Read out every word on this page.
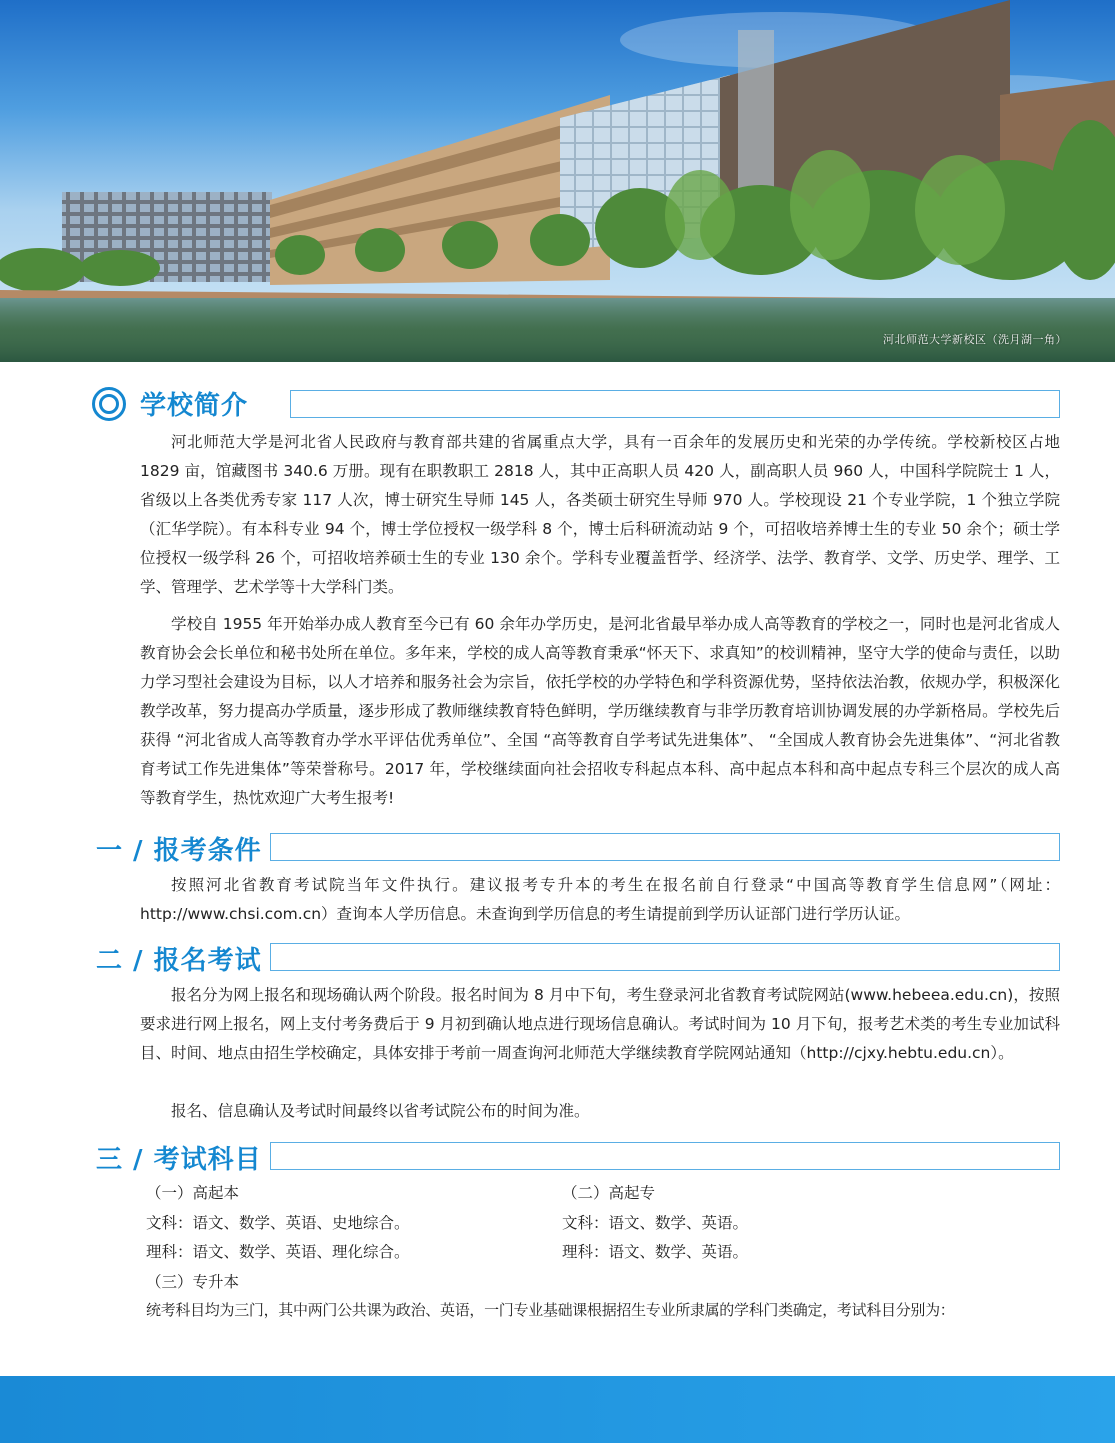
河北师范大学新校区（洗月湖一角）
学校简介

河北师范大学是河北省人民政府与教育部共建的省属重点大学，具有一百余年的发展历史和光荣的办学传统。学校新校区占地 1829 亩，馆藏图书 340.6 万册。现有在职教职工 2818 人，其中正高职人员 420 人，副高职人员 960 人，中国科学院院士 1 人，省级以上各类优秀专家 117 人次，博士研究生导师 145 人，各类硕士研究生导师 970 人。学校现设 21 个专业学院，1 个独立学院（汇华学院）。有本科专业 94 个，博士学位授权一级学科 8 个，博士后科研流动站 9 个，可招收培养博士生的专业 50 余个；硕士学位授权一级学科 26 个，可招收培养硕士生的专业 130 余个。学科专业覆盖哲学、经济学、法学、教育学、文学、历史学、理学、工学、管理学、艺术学等十大学科门类。

学校自 1955 年开始举办成人教育至今已有 60 余年办学历史，是河北省最早举办成人高等教育的学校之一，同时也是河北省成人教育协会会长单位和秘书处所在单位。多年来，学校的成人高等教育秉承“怀天下、求真知”的校训精神，坚守大学的使命与责任，以助力学习型社会建设为目标，以人才培养和服务社会为宗旨，依托学校的办学特色和学科资源优势，坚持依法治教，依规办学，积极深化教学改革，努力提高办学质量，逐步形成了教师继续教育特色鲜明，学历继续教育与非学历教育培训协调发展的办学新格局。学校先后获得 “河北省成人高等教育办学水平评估优秀单位”、全国 “高等教育自学考试先进集体”、 “全国成人教育协会先进集体”、“河北省教育考试工作先进集体”等荣誉称号。2017 年，学校继续面向社会招收专科起点本科、高中起点本科和高中起点专科三个层次的成人高等教育学生，热忱欢迎广大考生报考!

一 / 报考条件

按照河北省教育考试院当年文件执行。建议报考专升本的考生在报名前自行登录“中国高等教育学生信息网”（网址：http://www.chsi.com.cn）查询本人学历信息。未查询到学历信息的考生请提前到学历认证部门进行学历认证。

二 / 报名考试

报名分为网上报名和现场确认两个阶段。报名时间为 8 月中下旬，考生登录河北省教育考试院网站(www.hebeea.edu.cn)，按照要求进行网上报名，网上支付考务费后于 9 月初到确认地点进行现场信息确认。考试时间为 10 月下旬，报考艺术类的考生专业加试科目、时间、地点由招生学校确定，具体安排于考前一周查询河北师范大学继续教育学院网站通知（http://cjxy.hebtu.edu.cn）。

报名、信息确认及考试时间最终以省考试院公布的时间为准。

三 / 考试科目
（一）高起本
文科：语文、数学、英语、史地综合。
理科：语文、数学、英语、理化综合。
（二）高起专
文科：语文、数学、英语。
理科：语文、数学、英语。
（三）专升本
统考科目均为三门，其中两门公共课为政治、英语，一门专业基础课根据招生专业所隶属的学科门类确定，考试科目分别为：
